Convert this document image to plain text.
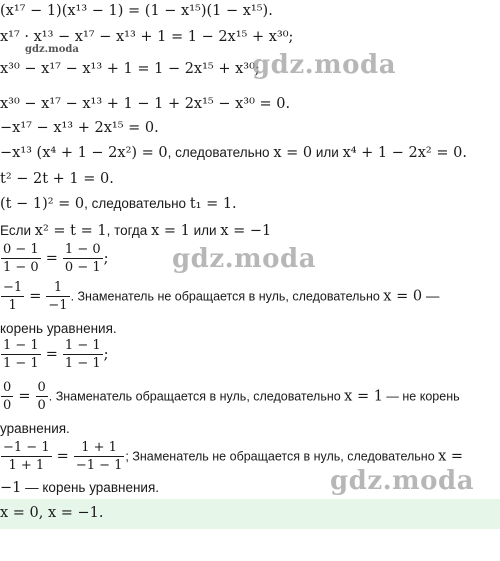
(x¹⁷ − 1)(x¹³ − 1) = (1 − x¹⁵)(1 − x¹⁵).
x¹⁷ · x¹³ − x¹⁷ − x¹³ + 1 = 1 − 2x¹⁵ + x³⁰;
gdz.moda
x³⁰ − x¹⁷ − x¹³ + 1 = 1 − 2x¹⁵ + x³⁰;
gdz.moda
x³⁰ − x¹⁷ − x¹³ + 1 − 1 + 2x¹⁵ − x³⁰ = 0.
−x¹⁷ − x¹³ + 2x¹⁵ = 0.
−x¹³ (x⁴ + 1 − 2x²) = 0, следовательно x = 0 или x⁴ + 1 − 2x² = 0.
t² − 2t + 1 = 0.
(t − 1)² = 0, следовательно t₁ = 1.
Если x² = t = 1, тогда x = 1 или x = −1
$\frac{0 - 1}{1 - 0} = \frac{1 - 0}{0 - 1}$ ; gdz.moda
$\frac{-1}{1} = \frac{1}{-1}$ . Знаменатель не обращается в нуль, следовательно x = 0 —
корень уравнения.
$\frac{1 - 1}{1 - 1} = \frac{1 - 1}{1 - 1}$ ;
$\frac{0}{0} = \frac{0}{0}$ . Знаменатель обращается в нуль, следовательно x = 1 — не корень
уравнения.
$\frac{-1 - 1}{1 + 1} = \frac{1 + 1}{-1 - 1}$ ; Знаменатель не обращается в нуль, следовательно x =
−1 — корень уравнения.	gdz.moda
x = 0, x = −1.
